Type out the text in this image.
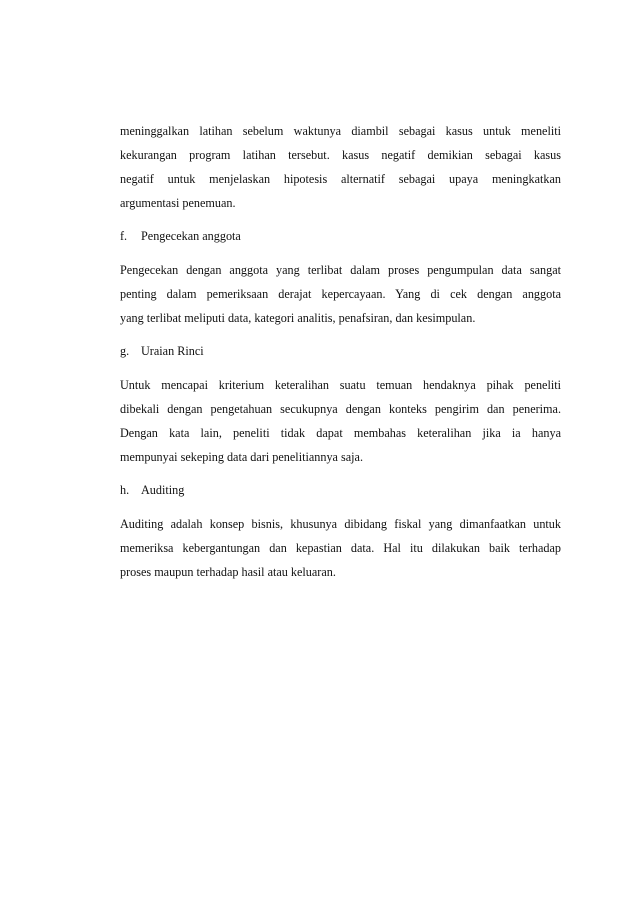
meninggalkan latihan sebelum waktunya diambil sebagai kasus untuk meneliti
kekurangan program latihan tersebut. kasus negatif demikian sebagai kasus
negatif untuk menjelaskan hipotesis alternatif sebagai upaya meningkatkan
argumentasi penemuan.
f.	Pengecekan anggota
Pengecekan dengan anggota yang terlibat dalam proses pengumpulan data sangat
penting dalam pemeriksaan derajat kepercayaan. Yang di cek dengan anggota
yang terlibat meliputi data, kategori analitis, penafsiran, dan kesimpulan.
g. Uraian Rinci
Untuk mencapai kriterium keteralihan suatu temuan hendaknya pihak peneliti
dibekali dengan pengetahuan secukupnya dengan konteks pengirim dan penerima.
Dengan kata lain, peneliti tidak dapat membahas keteralihan jika ia hanya
mempunyai sekeping data dari penelitiannya saja.
h. Auditing
Auditing adalah konsep bisnis, khusunya dibidang fiskal yang dimanfaatkan untuk
memeriksa kebergantungan dan kepastian data. Hal itu dilakukan baik terhadap
proses maupun terhadap hasil atau keluaran.
